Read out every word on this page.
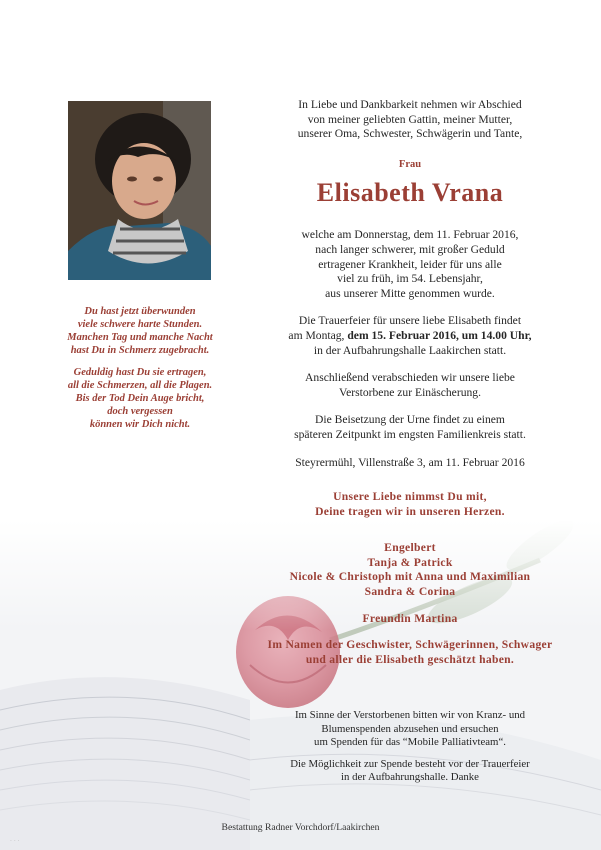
Du hast jetzt überwunden
viele schwere harte Stunden.
Manchen Tag und manche Nacht
hast Du in Schmerz zugebracht.

Geduldig hast Du sie ertragen,
all die Schmerzen, all die Plagen.
Bis der Tod Dein Auge bricht,
doch vergessen
können wir Dich nicht.

In Liebe und Dankbarkeit nehmen wir Abschied
von meiner geliebten Gattin, meiner Mutter,
unserer Oma, Schwester, Schwägerin und Tante,

Frau

Elisabeth Vrana

welche am Donnerstag, dem 11. Februar 2016,
nach langer schwerer, mit großer Geduld
ertragener Krankheit, leider für uns alle
viel zu früh, im 54. Lebensjahr,
aus unserer Mitte genommen wurde.

Die Trauerfeier für unsere liebe Elisabeth findet
am Montag, dem 15. Februar 2016, um 14.00 Uhr,
in der Aufbahrungshalle Laakirchen statt.

Anschließend verabschieden wir unsere liebe
Verstorbene zur Einäscherung.

Die Beisetzung der Urne findet zu einem
späteren Zeitpunkt im engsten Familienkreis statt.

Steyrermühl, Villenstraße 3, am 11. Februar 2016

Unsere Liebe nimmst Du mit,
Deine tragen wir in unseren Herzen.

Engelbert
Tanja & Patrick
Nicole & Christoph mit Anna und Maximilian
Sandra & Corina

Freundin Martina

Im Namen der Geschwister, Schwägerinnen, Schwager
und aller die Elisabeth geschätzt haben.

Im Sinne der Verstorbenen bitten wir von Kranz- und
Blumenspenden abzusehen und ersuchen
um Spenden für das “Mobile Palliativteam“.

Die Möglichkeit zur Spende besteht vor der Trauerfeier
in der Aufbahrungshalle. Danke

Bestattung Radner Vorchdorf/Laakirchen
· · ·
